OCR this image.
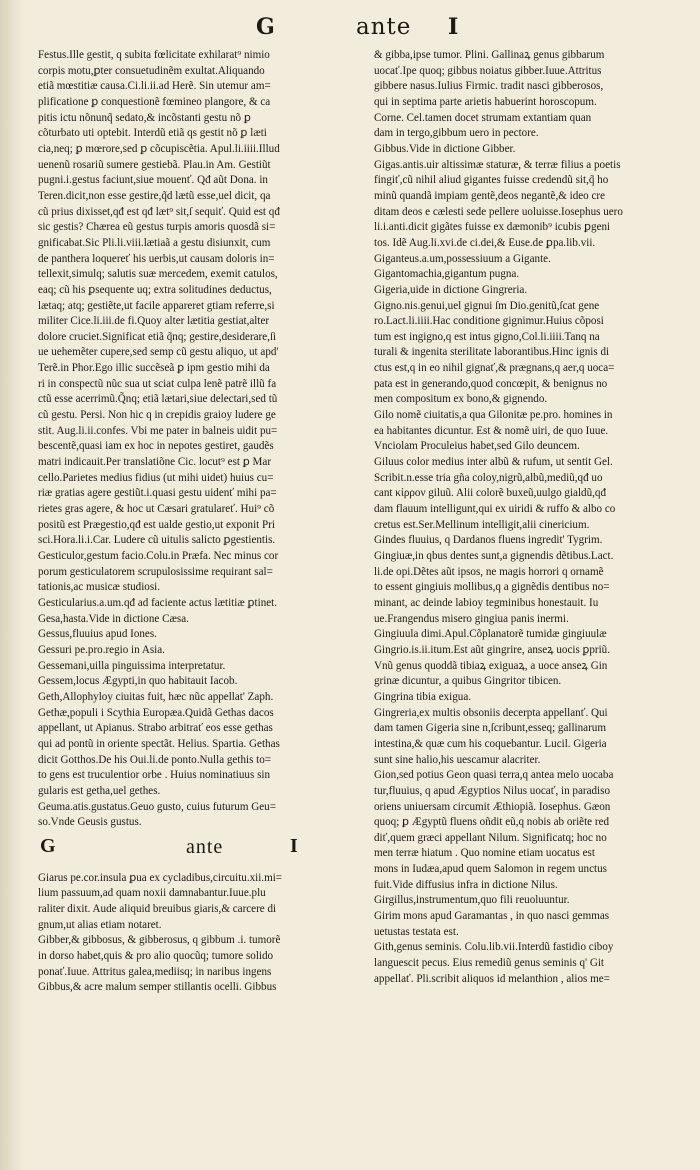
G	ante I
Festus.Ille gestit, q subita fœlicitate exhilarat⁹ nimio
corpis motu,ꝑter consuetudinẽm exultat.Aliquando
etiã mœstitiæ causa.Ci.li.ii.ad Herẽ. Sin utemur am=
plificatione ꝑ conquestionẽ fœmineo plangore, & ca
pitis ictu nõnunq̃ sedato,& incõstanti gestu nõ ꝑ
cõturbato uti optebit. Interdũ etiã qs gestit nõ ꝑ læti
cia,neq; ꝑ mœrore,sed ꝑ cõcupiscẽtia. Apul.li.iiii.Illud
uenenũ rosariũ sumere gestiebã. Plau.in Am. Gestiũt
pugni.i.gestus faciunt,siue mouenť. Qđ aũt Dona. in
Teren.dicit,non esse gestire,q̃d lætũ esse,uel dicit, qa
cũ prius dixisset,qđ est qđ læt⁹ sit,ſ sequiť. Quid est qđ
sic gestis? Chærea eũ gestus turpis amoris quosdã si=
gnificabat.Sic Pli.li.viii.lætiaã a gestu disiunxit, cum
de panthera loquereť his uerbis,ut causam doloris in=
tellexit,simulq; salutis suæ mercedem, exemit catulos,
eaq; cũ his ꝑsequente uq; extra solitudines deductus,
lætaq; atq; gestiẽte,ut facile appareret gtiam referre,si
militer Cice.li.iii.de fi.Quoy alter lætitia gestiat,alter
dolore cruciet.Significat etiã q̃nq; gestire,desiderare,ſi
ue uehemẽter cupere,sed semp cũ gestu aliquo, ut apd'
Terẽ.in Phor.Ego illic succẽseã ꝑ ipm gestio mihi da
ri in conspectũ nũc sua ut sciat culpa lenẽ patrẽ illũ fa
ctũ esse acerrimũ.Q̃nq; etiã lætari,siue delectari,sed tũ
cũ gestu. Persi. Non hic q in crepidis graioy ludere ge
stit. Aug.li.ii.confes. Vbi me pater in balneis uidit pu=
bescentẽ,quasi iam ex hoc in nepotes gestiret, gaudẽs
matri indicauit.Per translatiõne Cic. locut⁹ est ꝑ Mar
cello.Parietes medius fidius (ut mihi uidet) huius cu=
riæ gratias agere gestiũt.i.quasi gestu uidenť mihi pa=
rietes gras agere, & hoc ut Cæsari gratulareť. Hui⁹ cõ
positũ est Prægestio,qđ est ualde gestio,ut exponit Pri
sci.Hora.li.i.Car. Ludere cũ uitulis salicto ꝑgestientis.
Gesticulor,gestum facio.Colu.in Præfa. Nec minus cor
porum gesticulatorem scrupulosissime requirant sal=
tationis,ac musicæ studiosi.
Gesticularius.a.um.qđ ad faciente actus lætitiæ ꝑtinet.
Gesa,hasta.Vide in dictione Cæsa.
Gessus,fluuius apud Iones.
Gessuri pe.pro.regio in Asia.
Gessemani,uilla pinguissima interpretatur.
Gessem,locus Ægypti,in quo habitauit Iacob.
Geth,Allophyloy ciuitas fuit, hæc nũc appellat' Zaph.
Gethæ,populi i Scythia Europæa.Quidã Gethas dacos
appellant, ut Apianus. Strabo arbitrať eos esse gethas
qui ad pontũ in oriente spectãt. Helius. Spartia. Gethas
dicit Gotthos.De his Oui.li.de ponto.Nulla gethis to=
to gens est truculentior orbe . Huius nominatiuus sin
gularis est getha,uel gethes.
Geuma.atis.gustatus.Geuo gusto, cuius futurum Geu=
so.Vnde Geusis gustus.
G	ante	I
Giarus pe.cor.insula ꝑua ex cycladibus,circuitu.xii.mi=
lium passuum,ad quam noxii damnabantur.Iuue.plu
raliter dixit. Aude aliquid breuibus giaris,& carcere di
gnum,ut alias etiam notaret.
Gibber,& gibbosus, & gibberosus, q gibbum .i. tumorẽ
in dorso habet,quis & pro alio quocũq; tumore solido
ponať.Iuue. Attritus galea,mediisq; in naribus ingens
Gibbus,& acre malum semper stillantis ocelli. Gibbus
& gibba,ipse tumor. Plini. Gallinaꝝ genus gibbarum
uocať.Ipe quoq; gibbus noiatus gibber.Iuue.Attritus
gibbere nasus.Iulius Firmic. tradit nasci gibberosos,
qui in septima parte arietis habuerint horoscopum.
Corne. Cel.tamen docet strumam extantiam quan
dam in tergo,gibbum uero in pectore.
Gibbus.Vide in dictione Gibber.
Gigas.antis.uir altissimæ staturæ, & terræ filius a poetis
fingiť,cũ nihil aliud gigantes fuisse credendũ sit,q̃ ho
minũ quandã impiam gentẽ,deos negantẽ,& ideo cre
ditam deos e cælesti sede pellere uoluisse.Iosephus uero
li.i.anti.dicit gigãtes fuisse ex dæmonib⁹ icubis ꝑgeni
tos. Idẽ Aug.li.xvi.de ci.dei,& Euse.de ꝑpa.lib.vii.
Giganteus.a.um,possessiuum a Gigante.
Gigantomachia,gigantum pugna.
Gigeria,uide in dictione Gingreria.
Gigno.nis.genui,uel gignui ſm Dio.genitũ,ſcat gene
ro.Lact.li.iiii.Hac conditione gignimur.Huius cõposi
tum est ingigno,q est intus gigno,Col.li.iiii.Tanq na
turali & ingenita sterilitate laborantibus.Hinc ignis di
ctus est,q in eo nihil gignať,& prægnans,q aer,q uoca=
pata est in generando,quod concœpit, & benignus no
men compositum ex bono,& gignendo.
Gilo nomẽ ciuitatis,a qua Gilonitæ pe.pro. homines in
ea habitantes dicuntur. Est & nomẽ uiri, de quo Iuue.
Vnciolam Proculeius habet,sed Gilo deuncem.
Giluus color medius inter albũ & rufum, ut sentit Gel.
Scribit.n.esse tria gña coloy,nigrũ,albũ,mediũ,qđ uo
cant κίρρον giluũ. Alii colorẽ buxeũ,uulgo gialdũ,qđ
dam flauum intelligunt,qui ex uiridi & ruffo & albo co
cretus est.Ser.Mellinum intelligit,alii cinericium.
Gindes fluuius, q Dardanos fluens ingredit' Tygrim.
Gingiuæ,in qbus dentes sunt,a gignendis dẽtibus.Lact.
li.de opi.Dẽtes aũt ipsos, ne magis horrori q ornamẽ
to essent gingiuis mollibus,q a gignẽdis dentibus no=
minant, ac deinde labioy tegminibus honestauit. Iu
ue.Frangendus misero gingiua panis inermi.
Gingiuula dimi.Apul.Cõplanatorẽ tumidæ gingiuulæ
Gingrio.is.ii.itum.Est aũt gingrire, anseꝝ uocis ꝑpriũ.
Vnũ genus quoddã tibiaꝝ exiguaꝝ, a uoce anseꝝ Gin
grinæ dicuntur, a quibus Gingritor tibicen.
Gingrina tibia exigua.
Gingreria,ex multis obsoniis decerpta appellanť. Qui
dam tamen Gigeria sine n,ſcribunt,esseq; gallinarum
intestina,& quæ cum his coquebantur. Lucil. Gigeria
sunt sine halio,his uescamur alacriter.
Gion,sed potius Geon quasi terra,q antea melo uocaba
tur,fluuius, q apud Ægyptios Nilus uocať, in paradiso
oriens uniuersam circumit Æthiopiã. Iosephus. Gæon
quoq; ꝑ Ægyptũ fluens oñdit eũ,q nobis ab oriẽte red
diť,quem græci appellant Nilum. Significatq; hoc no
men terræ hiatum . Quo nomine etiam uocatus est
mons in Iudæa,apud quem Salomon in regem unctus
fuit.Vide diffusius infra in dictione Nilus.
Girgillus,instrumentum,quo fili reuoluuntur.
Girim mons apud Garamantas , in quo nasci gemmas
uetustas testata est.
Gith,genus seminis. Colu.lib.vii.Interdũ fastidio ciboy
languescit pecus. Eius remediũ genus seminis q' Git
appellať. Pli.scribit aliquos id melanthion , alios me=
